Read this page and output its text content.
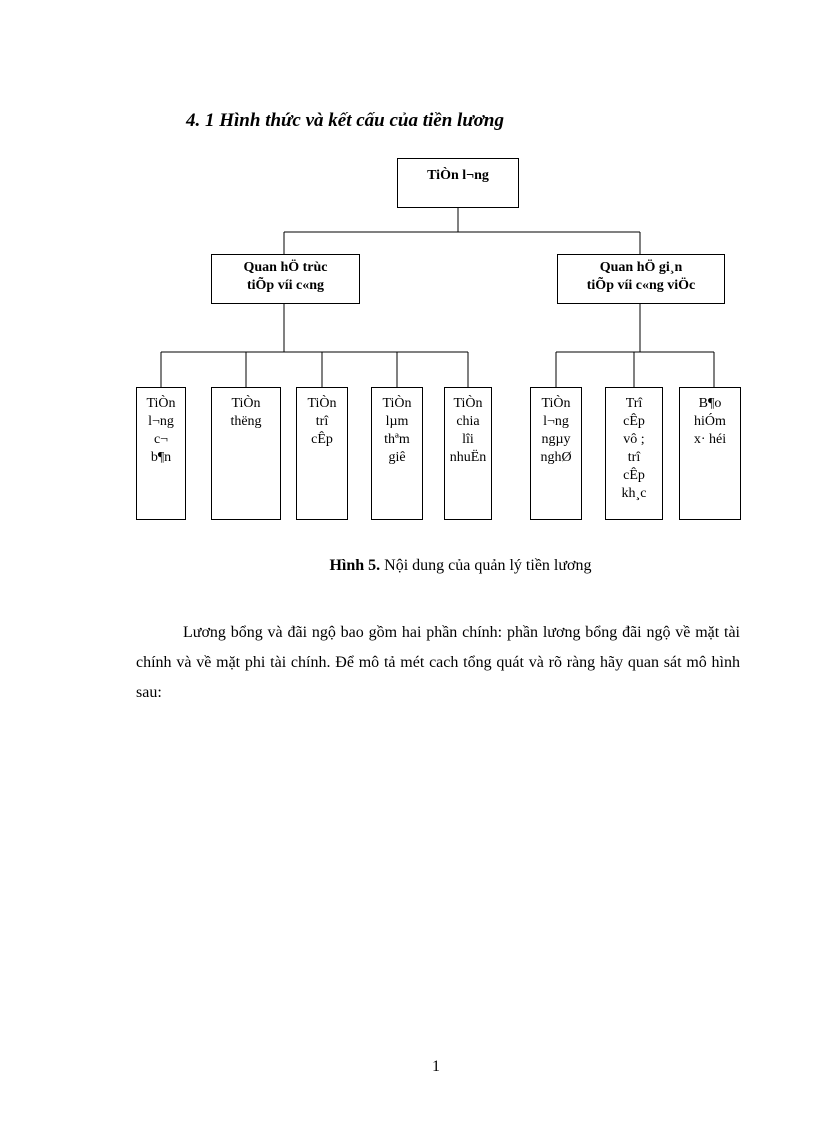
4. 1 Hình thức và kết cấu của tiền lương
TiÒn l¬ng
Quan hÖ trùc
tiÕp víi c«ng
Quan hÖ gi¸n
tiÕp víi c«ng viÖc
TiÒn
l¬ng
c¬
b¶n
TiÒn
thëng
TiÒn
trî
cÊp
TiÒn
lµm
thªm
giê
TiÒn
chia
lîi
nhuËn
TiÒn
l¬ng
ngµy
nghØ
Trî
cÊp
vô ;
trî
cÊp
kh¸c
B¶o
hiÓm
x· héi
Hình 5. Nội dung của quản lý tiền lương
Lương bổng và đãi ngộ bao gồm hai phần chính: phần lương bổng đãi ngộ về mặt tài chính và về mặt phi tài chính. Để mô tả mét cach tổng quát và rõ ràng hãy quan sát mô hình sau:
1
